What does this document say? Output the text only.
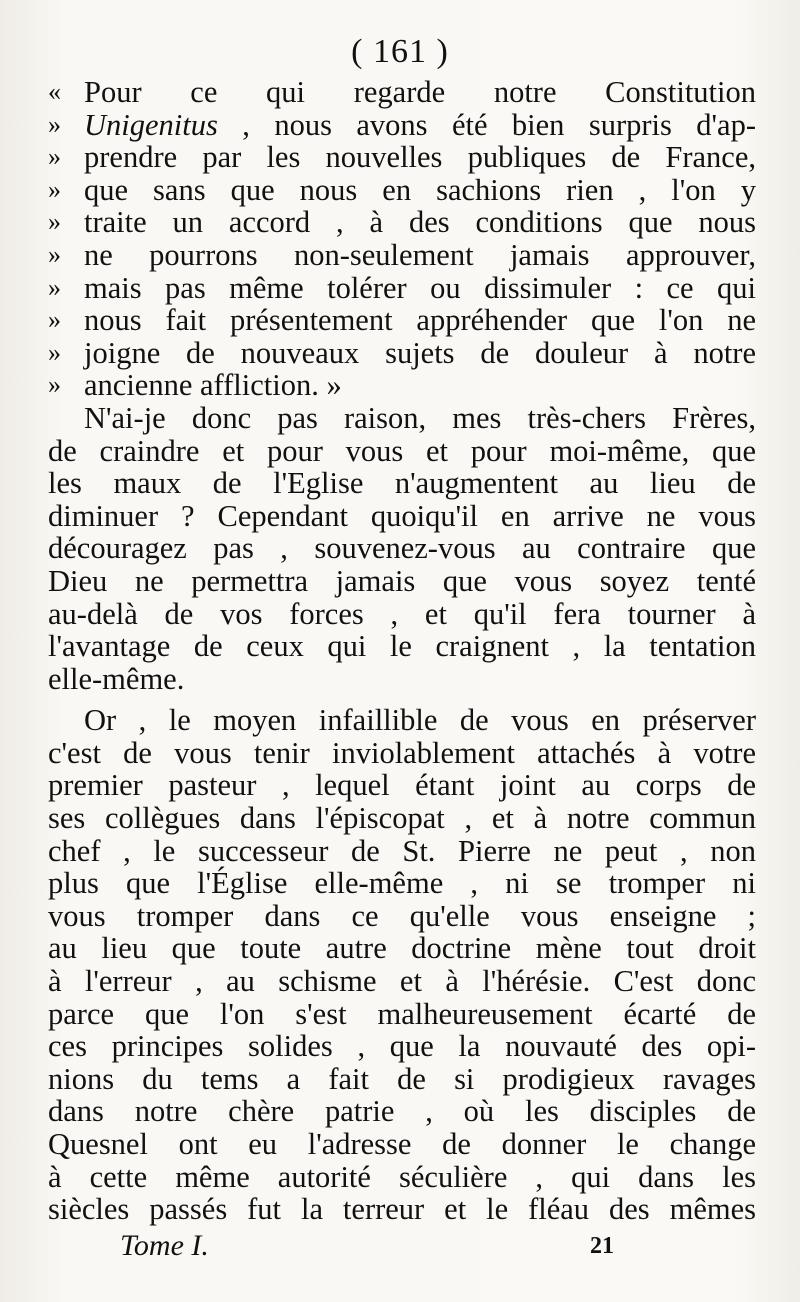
( 161 )
« Pour ce qui regarde notre Constitution
» Unigenitus , nous avons été bien surpris d'ap-
» prendre par les nouvelles publiques de France,
» que sans que nous en sachions rien , l'on y
» traite un accord , à des conditions que nous
» ne pourrons non-seulement jamais approuver,
» mais pas même tolérer ou dissimuler : ce qui
» nous fait présentement appréhender que l'on ne
» joigne de nouveaux sujets de douleur à notre
» ancienne affliction. »
N'ai-je donc pas raison, mes très-chers Frères,
de craindre et pour vous et pour moi-même, que
les maux de l'Eglise n'augmentent au lieu de
diminuer ? Cependant quoiqu'il en arrive ne vous
découragez pas , souvenez-vous au contraire que
Dieu ne permettra jamais que vous soyez tenté
au-delà de vos forces , et qu'il fera tourner à
l'avantage de ceux qui le craignent , la tentation
elle-même.
Or , le moyen infaillible de vous en préserver
c'est de vous tenir inviolablement attachés à votre
premier pasteur , lequel étant joint au corps de
ses collègues dans l'épiscopat , et à notre commun
chef , le successeur de St. Pierre ne peut , non
plus que l'Église elle-même , ni se tromper ni
vous tromper dans ce qu'elle vous enseigne ;
au lieu que toute autre doctrine mène tout droit
à l'erreur , au schisme et à l'hérésie. C'est donc
parce que l'on s'est malheureusement écarté de
ces principes solides , que la nouvauté des opi-
nions du tems a fait de si prodigieux ravages
dans notre chère patrie , où les disciples de
Quesnel ont eu l'adresse de donner le change
à cette même autorité séculière , qui dans les
siècles passés fut la terreur et le fléau des mêmes
Tome I.	21
